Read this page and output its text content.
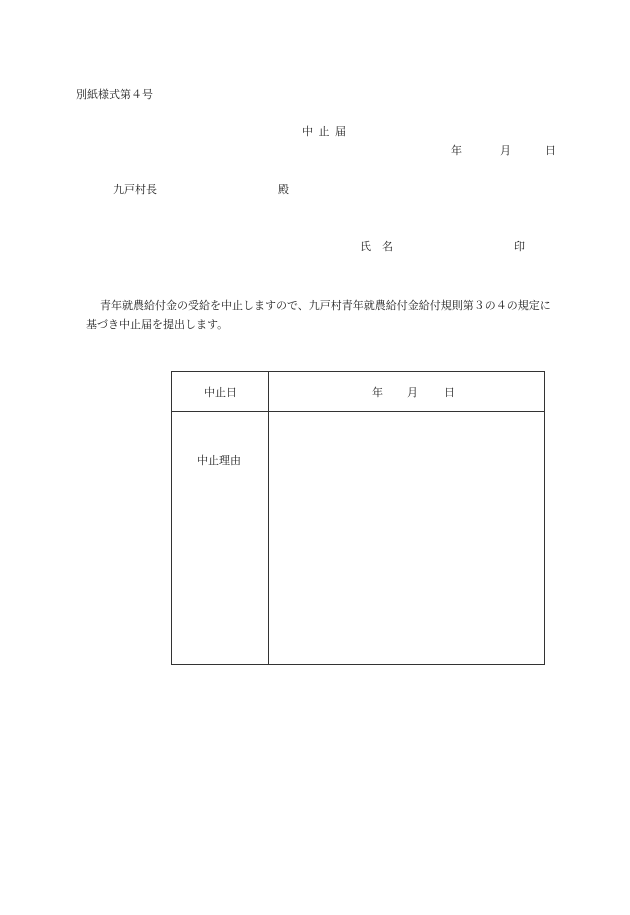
別紙様式第４号
中 止 届
年	月	日
九戸村長	殿
氏　名	印
青年就農給付金の受給を中止しますので、九戸村青年就農給付金給付規則第３の４の規定に基づき中止届を提出します。
中止日	年 月 日
中止理由
